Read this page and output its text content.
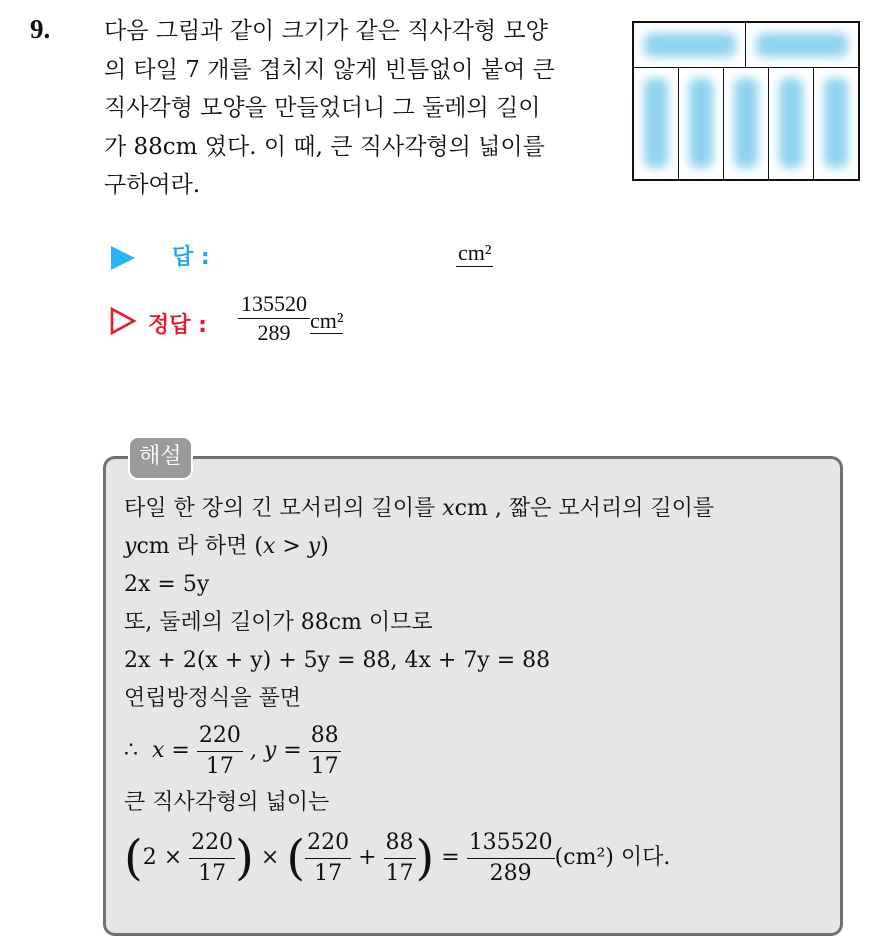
9. 다음 그림과 같이 크기가 같은 직사각형 모양
의 타일 7 개를 겹치지 않게 빈틈없이 붙여 큰
직사각형 모양을 만들었더니 그 둘레의 길이
가 88cm 였다. 이 때, 큰 직사각형의 넓이를
구하여라.
답 :	cm²
정답 : $\frac{135520}{289} cm^2$
해설
타일 한 장의 긴 모서리의 길이를 xcm , 짧은 모서리의 길이를
ycm 라 하면 (x > y)
2x = 5y
또, 둘레의 길이가 88cm 이므로
2x + 2(x + y) + 5y = 88, 4x + 7y = 88
연립방정식을 풀면
∴ $x = \frac{220}{17}$ , $y = \frac{88}{17}$
큰 직사각형의 넓이는
($2 \times \frac{220}{17}$ ) × ( $\frac{220}{17} + \frac{88}{17}$ ) = $\frac{135520}{289} (cm^2)$ 이다.
